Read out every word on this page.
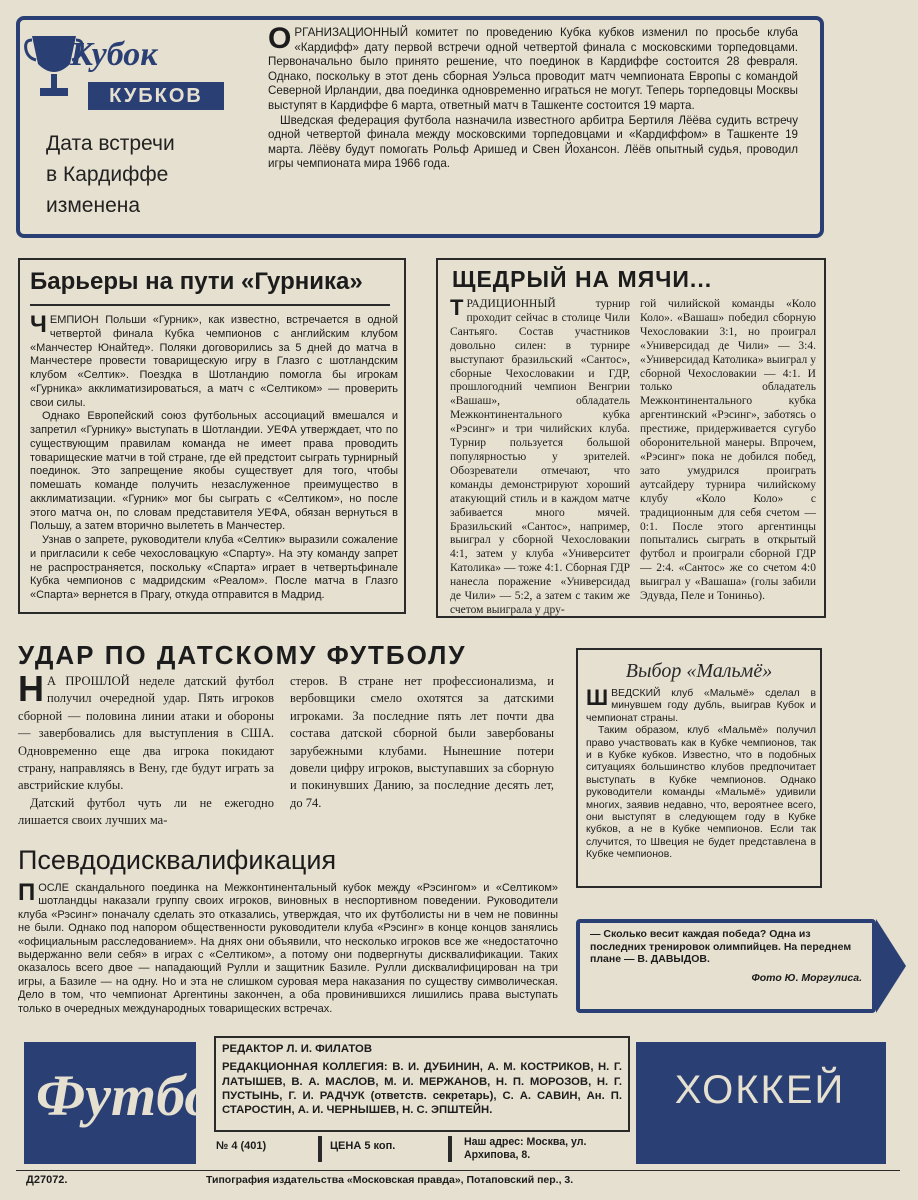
Кубок
КУБКОВ
Дата встречи
в Кардиффе
изменена

ОРГАНИЗАЦИОННЫЙ комитет по проведению Кубка кубков изменил по просьбе клуба «Кардифф» дату первой встречи одной четвертой финала с московскими торпедовцами. Первоначально было принято решение, что поединок в Кардиффе состоится 28 февраля. Однако, поскольку в этот день сборная Уэльса проводит матч чемпионата Европы с командой Северной Ирландии, два поединка одновременно играться не могут. Теперь торпедовцы Москвы выступят в Кардиффе 6 марта, ответный матч в Ташкенте состоится 19 марта.

Шведская федерация футбола назначила известного арбитра Бертиля Лёёва судить встречу одной четвертой финала между московскими торпедовцами и «Кардиффом» в Ташкенте 19 марта. Лёёву будут помогать Рольф Аришед и Свен Йохансон. Лёёв опытный судья, проводил игры чемпионата мира 1966 года.

Барьеры на пути «Гурника»

ЧЕМПИОН Польши «Гурник», как известно, встречается в одной четвертой финала Кубка чемпионов с английским клубом «Манчестер Юнайтед». Поляки договорились за 5 дней до матча в Манчестере провести товарищескую игру в Глазго с шотландским клубом «Селтик». Поездка в Шотландию помогла бы игрокам «Гурника» акклиматизироваться, а матч с «Селтиком» — проверить свои силы.

Однако Европейский союз футбольных ассоциаций вмешался и запретил «Гурнику» выступать в Шотландии. УЕФА утверждает, что по существующим правилам команда не имеет права проводить товарищеские матчи в той стране, где ей предстоит сыграть турнирный поединок. Это запрещение якобы существует для того, чтобы помешать команде получить незаслуженное преимущество в акклиматизации. «Гурник» мог бы сыграть с «Селтиком», но после этого матча он, по словам представителя УЕФА, обязан вернуться в Польшу, а затем вторично вылететь в Манчестер.

Узнав о запрете, руководители клуба «Селтик» выразили сожаление и пригласили к себе чехословацкую «Спарту». На эту команду запрет не распространяется, поскольку «Спарта» играет в четвертьфинале Кубка чемпионов с мадридским «Реалом». После матча в Глазго «Спарта» вернется в Прагу, откуда отправится в Мадрид.

ЩЕДРЫЙ НА МЯЧИ...
ТРАДИЦИОННЫЙ турнир проходит сейчас в столице Чили Сантьяго. Состав участников довольно силен: в турнире выступают бразильский «Сантос», сборные Чехословакии и ГДР, прошлогодний чемпион Венгрии «Вашаш», обладатель Межконтинентального кубка «Рэсинг» и три чилийских клуба. Турнир пользуется большой популярностью у зрителей. Обозреватели отмечают, что команды демонстрируют хороший атакующий стиль и в каждом матче забивается много мячей. Бразильский «Сантос», например, выиграл у сборной Чехословакии 4:1, затем у клуба «Университет Католика» — тоже 4:1. Сборная ГДР нанесла поражение «Универсидад де Чили» — 5:2, а затем с таким же счетом выиграла у дру-
гой чилийской команды «Коло Коло». «Вашаш» победил сборную Чехословакии 3:1, но проиграл «Универсидад де Чили» — 3:4. «Универсидад Католика» выиграл у сборной Чехословакии — 4:1. И только обладатель Межконтинентального кубка аргентинский «Рэсинг», заботясь о престиже, придерживается сугубо оборонительной манеры. Впрочем, «Рэсинг» пока не добился побед, зато умудрился проиграть аутсайдеру турнира чилийскому клубу «Коло Коло» с традиционным для себя счетом — 0:1. После этого аргентинцы попытались сыграть в открытый футбол и проиграли сборной ГДР — 2:4. «Сантос» же со счетом 4:0 выиграл у «Вашаша» (голы забили Эдувда, Пеле и Тониньо).
УДАР ПО ДАТСКОМУ ФУТБОЛУ

Н А ПРОШЛОЙ неделе датский футбол получил очередной удар. Пять игроков сборной — половина линии атаки и обороны — завербовались для выступления в США. Одновременно еще два игрока покидают страну, направляясь в Вену, где будут играть за австрийские клубы.

Датский футбол чуть ли не ежегодно лишается своих лучших ма-

стеров. В стране нет профессионализма, и вербовщики смело охотятся за датскими игроками. За последние пять лет почти два состава датской сборной были завербованы зарубежными клубами. Нынешние потери довели цифру игроков, выступавших за сборную и покинувших Данию, за последние десять лет, до 74.
Выбор «Мальмё»

ШВЕДСКИЙ клуб «Мальмё» сделал в минувшем году дубль, выиграв Кубок и чемпионат страны.

Таким образом, клуб «Мальмё» получил право участвовать как в Кубке чемпионов, так и в Кубке кубков. Известно, что в подобных ситуациях большинство клубов предпочитает выступать в Кубке чемпионов. Однако руководители команды «Мальмё» удивили многих, заявив недавно, что, вероятнее всего, они выступят в следующем году в Кубке кубков, а не в Кубке чемпионов. Если так случится, то Швеция не будет представлена в Кубке чемпионов.

Псевдодисквалификация

ПОСЛЕ скандального поединка на Межконтинентальный кубок между «Рэсингом» и «Селтиком» шотландцы наказали группу своих игроков, виновных в неспортивном поведении. Руководители клуба «Рэсинг» поначалу сделать это отказались, утверждая, что их футболисты ни в чем не повинны не были. Однако под напором общественности руководители клуба «Рэсинг» в конце концов занялись «официальным расследованием». На днях они объявили, что несколько игроков все же «недостаточно выдержанно вели себя» в играх с «Селтиком», а потому они подвергнуты дисквалификации. Таких оказалось всего двое — нападающий Рулли и защитник Базиле. Рулли дисквалифицирован на три игры, а Базиле — на одну. Но и эта не слишком суровая мера наказания по существу символическая. Дело в том, что чемпионат Аргентины закончен, а оба провинившихся лишились права выступать только в очередных международных товарищеских встречах.

— Сколько весит каждая победа? Одна из последних тренировок олимпийцев. На переднем плане — В. ДАВЫДОВ.
Фото Ю. Моргулиса.
Футбол	ХОККЕЙ
РЕДАКТОР Л. И. ФИЛАТОВ
РЕДАКЦИОННАЯ КОЛЛЕГИЯ: В. И. ДУБИНИН, А. М. КОСТРИКОВ, Н. Г. ЛАТЫШЕВ, В. А. МАСЛОВ, М. И. МЕРЖАНОВ, Н. П. МОРОЗОВ, Н. Г. ПУСТЫНЬ, Г. И. РАДЧУК (ответств. секретарь), С. А. САВИН, Ан. П. СТАРОСТИН, А. И. ЧЕРНЫШЕВ, Н. С. ЭПШТЕЙН.
№ 4 (401)	ЦЕНА 5 коп.	Наш адрес: Москва, ул. Архипова, 8.
Д27072.	Типография издательства «Московская правда», Потаповский пер., 3.
